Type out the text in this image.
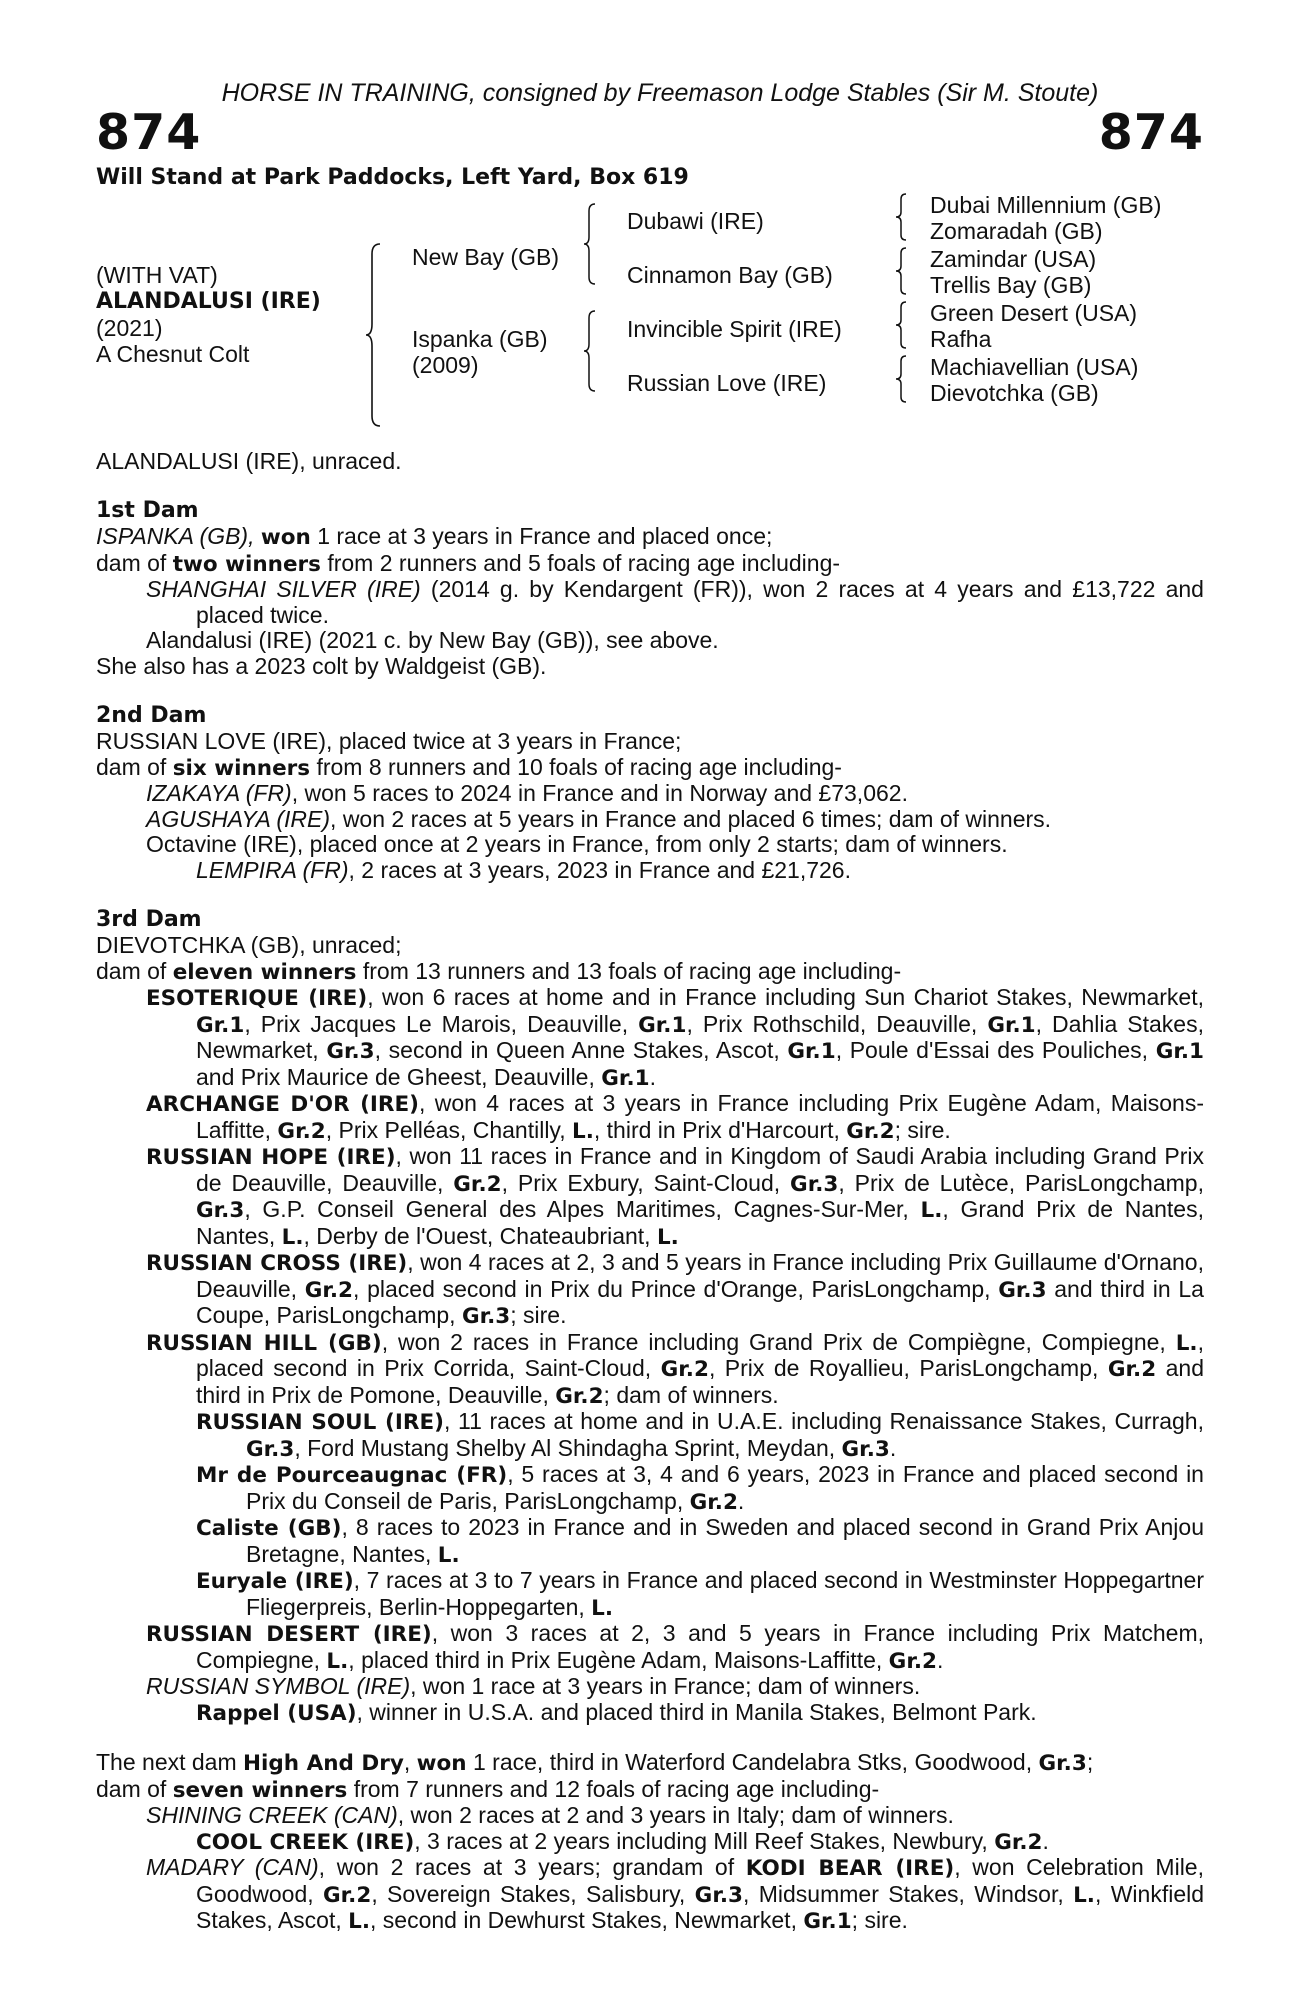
HORSE IN TRAINING, consigned by Freemason Lodge Stables (Sir M. Stoute)
874	874
Will Stand at Park Paddocks, Left Yard, Box 619
(WITH VAT)
ALANDALUSI (IRE)
(2021)
A Chesnut Colt
New Bay (GB)
Ispanka (GB)
(2009)
Dubawi (IRE)
Cinnamon Bay (GB)
Invincible Spirit (IRE)
Russian Love (IRE)
Dubai Millennium (GB)
Zomaradah (GB)
Zamindar (USA)
Trellis Bay (GB)
Green Desert (USA)
Rafha
Machiavellian (USA)
Dievotchka (GB)
ALANDALUSI (IRE), unraced.
1st Dam
ISPANKA (GB), won 1 race at 3 years in France and placed once;
dam of two winners from 2 runners and 5 foals of racing age including-
SHANGHAI SILVER (IRE) (2014 g. by Kendargent (FR)), won 2 races at 4 years and £13,722 and placed twice.
Alandalusi (IRE) (2021 c. by New Bay (GB)), see above.
She also has a 2023 colt by Waldgeist (GB).
2nd Dam
RUSSIAN LOVE (IRE), placed twice at 3 years in France;
dam of six winners from 8 runners and 10 foals of racing age including-
IZAKAYA (FR), won 5 races to 2024 in France and in Norway and £73,062.
AGUSHAYA (IRE), won 2 races at 5 years in France and placed 6 times; dam of winners.
Octavine (IRE), placed once at 2 years in France, from only 2 starts; dam of winners.
LEMPIRA (FR), 2 races at 3 years, 2023 in France and £21,726.
3rd Dam
DIEVOTCHKA (GB), unraced;
dam of eleven winners from 13 runners and 13 foals of racing age including-
ESOTERIQUE (IRE), won 6 races at home and in France including Sun Chariot Stakes, Newmarket, Gr.1, Prix Jacques Le Marois, Deauville, Gr.1, Prix Rothschild, Deauville, Gr.1, Dahlia Stakes, Newmarket, Gr.3, second in Queen Anne Stakes, Ascot, Gr.1, Poule d'Essai des Pouliches, Gr.1 and Prix Maurice de Gheest, Deauville, Gr.1.
ARCHANGE D'OR (IRE), won 4 races at 3 years in France including Prix Eugène Adam, Maisons-Laffitte, Gr.2, Prix Pelléas, Chantilly, L., third in Prix d'Harcourt, Gr.2; sire.
RUSSIAN HOPE (IRE), won 11 races in France and in Kingdom of Saudi Arabia including Grand Prix de Deauville, Deauville, Gr.2, Prix Exbury, Saint-Cloud, Gr.3, Prix de Lutèce, ParisLongchamp, Gr.3, G.P. Conseil General des Alpes Maritimes, Cagnes-Sur-Mer, L., Grand Prix de Nantes, Nantes, L., Derby de l'Ouest, Chateaubriant, L.
RUSSIAN CROSS (IRE), won 4 races at 2, 3 and 5 years in France including Prix Guillaume d'Ornano, Deauville, Gr.2, placed second in Prix du Prince d'Orange, ParisLongchamp, Gr.3 and third in La Coupe, ParisLongchamp, Gr.3; sire.
RUSSIAN HILL (GB), won 2 races in France including Grand Prix de Compiègne, Compiegne, L., placed second in Prix Corrida, Saint-Cloud, Gr.2, Prix de Royallieu, ParisLongchamp, Gr.2 and third in Prix de Pomone, Deauville, Gr.2; dam of winners.
RUSSIAN SOUL (IRE), 11 races at home and in U.A.E. including Renaissance Stakes, Curragh, Gr.3, Ford Mustang Shelby Al Shindagha Sprint, Meydan, Gr.3.
Mr de Pourceaugnac (FR), 5 races at 3, 4 and 6 years, 2023 in France and placed second in Prix du Conseil de Paris, ParisLongchamp, Gr.2.
Caliste (GB), 8 races to 2023 in France and in Sweden and placed second in Grand Prix Anjou Bretagne, Nantes, L.
Euryale (IRE), 7 races at 3 to 7 years in France and placed second in Westminster Hoppegartner Fliegerpreis, Berlin-Hoppegarten, L.
RUSSIAN DESERT (IRE), won 3 races at 2, 3 and 5 years in France including Prix Matchem, Compiegne, L., placed third in Prix Eugène Adam, Maisons-Laffitte, Gr.2.
RUSSIAN SYMBOL (IRE), won 1 race at 3 years in France; dam of winners.
Rappel (USA), winner in U.S.A. and placed third in Manila Stakes, Belmont Park.
The next dam High And Dry, won 1 race, third in Waterford Candelabra Stks, Goodwood, Gr.3;
dam of seven winners from 7 runners and 12 foals of racing age including-
SHINING CREEK (CAN), won 2 races at 2 and 3 years in Italy; dam of winners.
COOL CREEK (IRE), 3 races at 2 years including Mill Reef Stakes, Newbury, Gr.2.
MADARY (CAN), won 2 races at 3 years; grandam of KODI BEAR (IRE), won Celebration Mile, Goodwood, Gr.2, Sovereign Stakes, Salisbury, Gr.3, Midsummer Stakes, Windsor, L., Winkfield Stakes, Ascot, L., second in Dewhurst Stakes, Newmarket, Gr.1; sire.
